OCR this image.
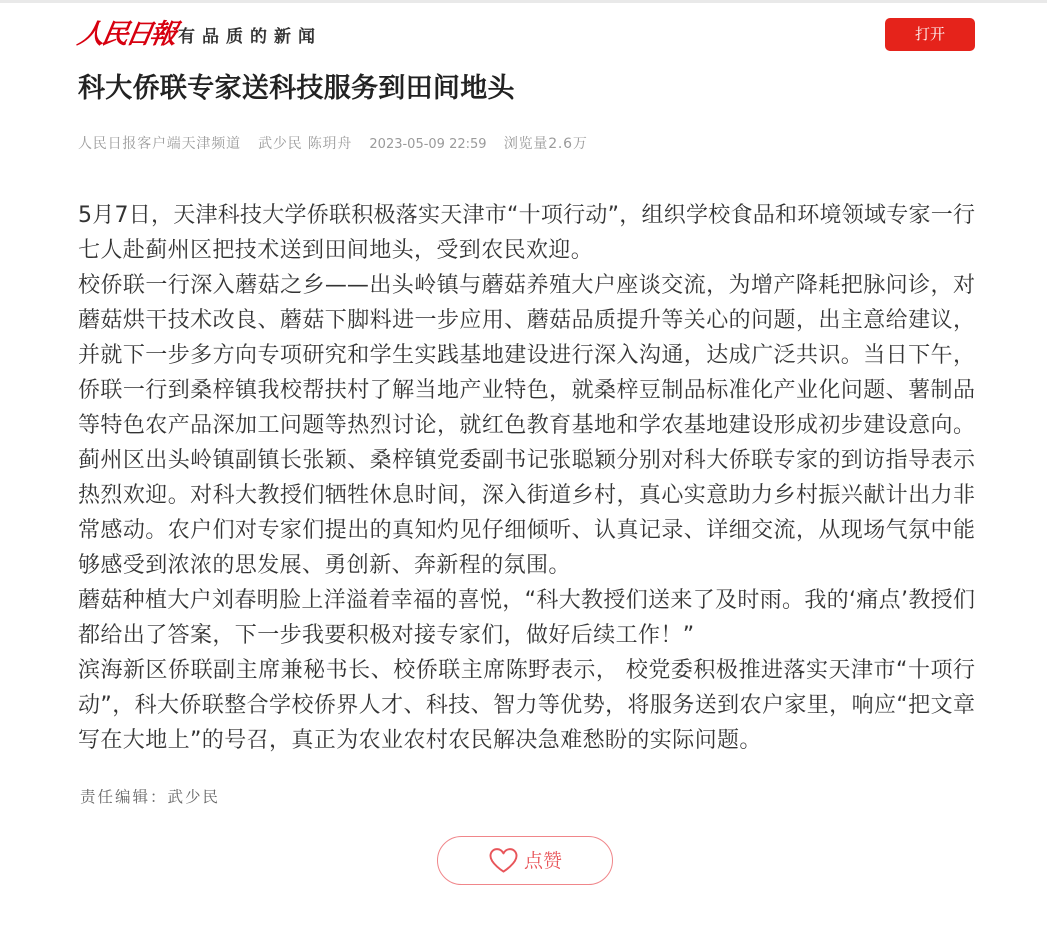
人民日報 有品质的新闻	打开
科大侨联专家送科技服务到田间地头
人民日报客户端天津频道 武少民 陈玥舟 2023-05-09 22:59 浏览量2.6万

5月7日，天津科技大学侨联积极落实天津市“十项行动”，组织学校食品和环境领域专家一行
七人赴蓟州区把技术送到田间地头，受到农民欢迎。

校侨联一行深入蘑菇之乡——出头岭镇与蘑菇养殖大户座谈交流，为增产降耗把脉问诊，对
蘑菇烘干技术改良、蘑菇下脚料进一步应用、蘑菇品质提升等关心的问题，出主意给建议，
并就下一步多方向专项研究和学生实践基地建设进行深入沟通，达成广泛共识。当日下午，
侨联一行到桑梓镇我校帮扶村了解当地产业特色，就桑梓豆制品标准化产业化问题、薯制品
等特色农产品深加工问题等热烈讨论，就红色教育基地和学农基地建设形成初步建设意向。

蓟州区出头岭镇副镇长张颖、桑梓镇党委副书记张聪颖分别对科大侨联专家的到访指导表示
热烈欢迎。对科大教授们牺牲休息时间，深入街道乡村，真心实意助力乡村振兴献计出力非
常感动。农户们对专家们提出的真知灼见仔细倾听、认真记录、详细交流，从现场气氛中能
够感受到浓浓的思发展、勇创新、奔新程的氛围。

蘑菇种植大户刘春明脸上洋溢着幸福的喜悦，“科大教授们送来了及时雨。我的‘痛点’教授们
都给出了答案，下一步我要积极对接专家们，做好后续工作！”

滨海新区侨联副主席兼秘书长、校侨联主席陈野表示， 校党委积极推进落实天津市“十项行
动”，科大侨联整合学校侨界人才、科技、智力等优势，将服务送到农户家里，响应“把文章
写在大地上”的号召，真正为农业农村农民解决急难愁盼的实际问题。

责任编辑：武少民
点赞
